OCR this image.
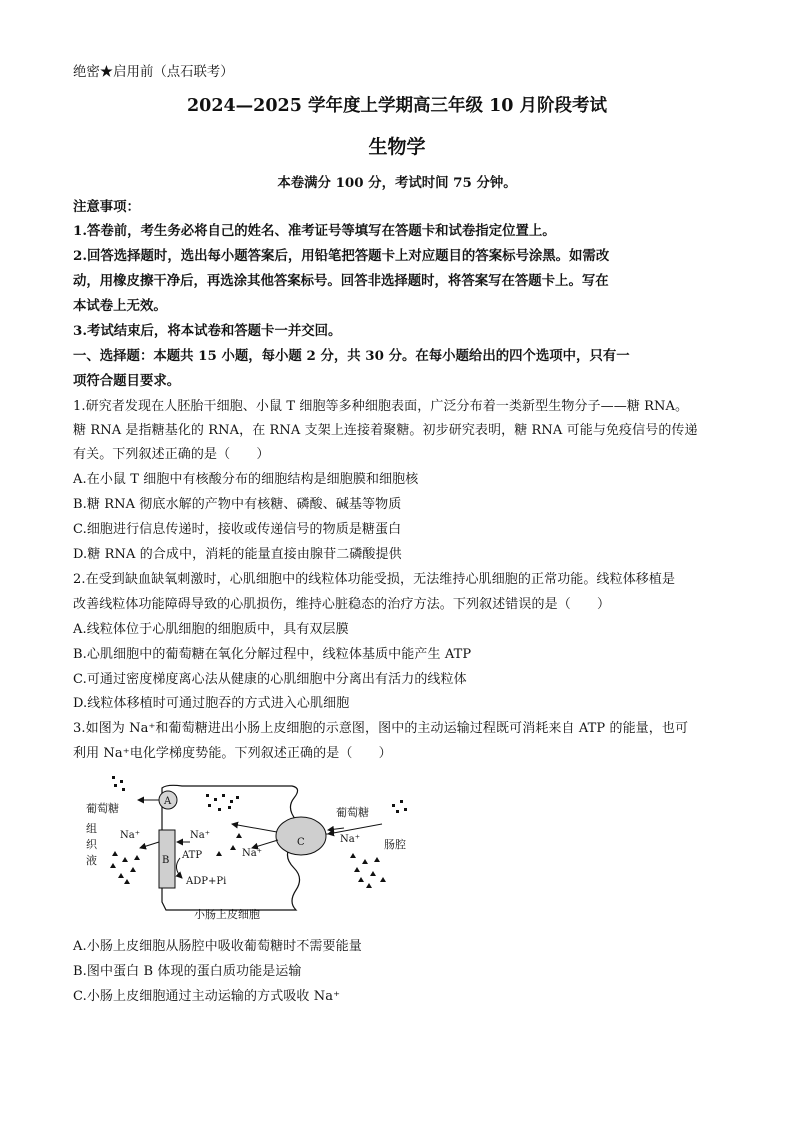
绝密★启用前（点石联考）
2024—2025 学年度上学期高三年级 10 月阶段考试
生物学
本卷满分 100 分，考试时间 75 分钟。
注意事项：
1.答卷前，考生务必将自己的姓名、准考证号等填写在答题卡和试卷指定位置上。
2.回答选择题时，选出每小题答案后，用铅笔把答题卡上对应题目的答案标号涂黑。如需改
动，用橡皮擦干净后，再选涂其他答案标号。回答非选择题时，将答案写在答题卡上。写在
本试卷上无效。
3.考试结束后，将本试卷和答题卡一并交回。
一、选择题：本题共 15 小题，每小题 2 分，共 30 分。在每小题给出的四个选项中，只有一
项符合题目要求。
1.研究者发现在人胚胎干细胞、小鼠 T 细胞等多种细胞表面，广泛分布着一类新型生物分子——糖 RNA。
糖 RNA 是指糖基化的 RNA，在 RNA 支架上连接着聚糖。初步研究表明，糖 RNA 可能与免疫信号的传递
有关。下列叙述正确的是（　　）
A.在小鼠 T 细胞中有核酸分布的细胞结构是细胞膜和细胞核
B.糖 RNA 彻底水解的产物中有核糖、磷酸、碱基等物质
C.细胞进行信息传递时，接收或传递信号的物质是糖蛋白
D.糖 RNA 的合成中，消耗的能量直接由腺苷二磷酸提供
2.在受到缺血缺氧刺激时，心肌细胞中的线粒体功能受损，无法维持心肌细胞的正常功能。线粒体移植是
改善线粒体功能障碍导致的心肌损伤，维持心脏稳态的治疗方法。下列叙述错误的是（　　）
A.线粒体位于心肌细胞的细胞质中，具有双层膜
B.心肌细胞中的葡萄糖在氧化分解过程中，线粒体基质中能产生 ATP
C.可通过密度梯度离心法从健康的心肌细胞中分离出有活力的线粒体
D.线粒体移植时可通过胞吞的方式进入心肌细胞
3.如图为 Na⁺和葡萄糖进出小肠上皮细胞的示意图，图中的主动运输过程既可消耗来自 ATP 的能量，也可
利用 Na⁺电化学梯度势能。下列叙述正确的是（　　）
A
B
C
葡萄糖	葡萄糖
组
织
液
肠腔
小肠上皮细胞
Na⁺	Na⁺
Na⁺
Na⁺
ATP
ADP+Pi
A.小肠上皮细胞从肠腔中吸收葡萄糖时不需要能量
B.图中蛋白 B 体现的蛋白质功能是运输
C.小肠上皮细胞通过主动运输的方式吸收 Na⁺
